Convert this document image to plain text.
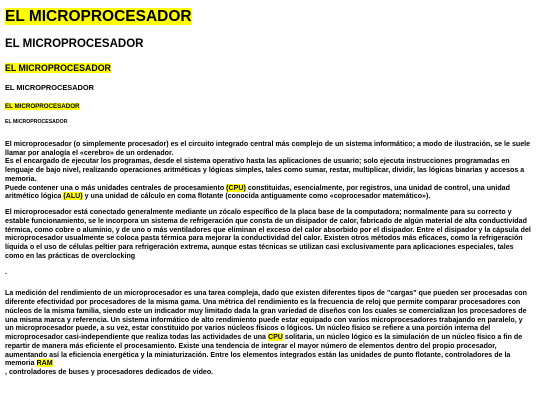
EL MICROPROCESADOR
EL MICROPROCESADOR
EL MICROPROCESADOR
EL MICROPROCESADOR
EL MICROPROCESADOR
EL MICROPROCESADOR

El microprocesador (o simplemente procesador) es el circuito integrado central más complejo de un sistema informático; a modo de ilustración, se le suele llamar por analogía el «cerebro» de un ordenador.
Es el encargado de ejecutar los programas, desde el sistema operativo hasta las aplicaciones de usuario; solo ejecuta instrucciones programadas en lenguaje de bajo nivel, realizando operaciones aritméticas y lógicas simples, tales como sumar, restar, multiplicar, dividir, las lógicas binarias y accesos a memoria.
Puede contener una o más unidades centrales de procesamiento (CPU) constituidas, esencialmente, por registros, una unidad de control, una unidad aritmético lógica (ALU) y una unidad de cálculo en coma flotante (conocida antiguamente como «coprocesador matemático»).

El microprocesador está conectado generalmente mediante un zócalo específico de la placa base de la computadora; normalmente para su correcto y estable funcionamiento, se le incorpora un sistema de refrigeración que consta de un disipador de calor, fabricado de algún material de alta conductividad térmica, como cobre o aluminio, y de uno o más ventiladores que eliminan el exceso del calor absorbido por el disipador. Entre el disipador y la cápsula del microprocesador usualmente se coloca pasta térmica para mejorar la conductividad del calor. Existen otros métodos más eficaces, como la refrigeración líquida o el uso de células peltier para refrigeración extrema, aunque estas técnicas se utilizan casi exclusivamente para aplicaciones especiales, tales como en las prácticas de overclocking

.

La medición del rendimiento de un microprocesador es una tarea compleja, dado que existen diferentes tipos de "cargas" que pueden ser procesadas con diferente efectividad por procesadores de la misma gama. Una métrica del rendimiento es la frecuencia de reloj que permite comparar procesadores con núcleos de la misma familia, siendo este un indicador muy limitado dada la gran variedad de diseños con los cuales se comercializan los procesadores de una misma marca y referencia. Un sistema informático de alto rendimiento puede estar equipado con varios microprocesadores trabajando en paralelo, y un microprocesador puede, a su vez, estar constituido por varios núcleos físicos o lógicos. Un núcleo físico se refiere a una porción interna del microprocesador casi-independiente que realiza todas las actividades de una CPU solitaria, un núcleo lógico es la simulación de un núcleo físico a fin de repartir de manera más eficiente el procesamiento. Existe una tendencia de integrar el mayor número de elementos dentro del propio procesador, aumentando así la eficiencia energética y la miniaturización. Entre los elementos integrados están las unidades de punto flotante, controladores de la memoria RAM
, controladores de buses y procesadores dedicados de video.
